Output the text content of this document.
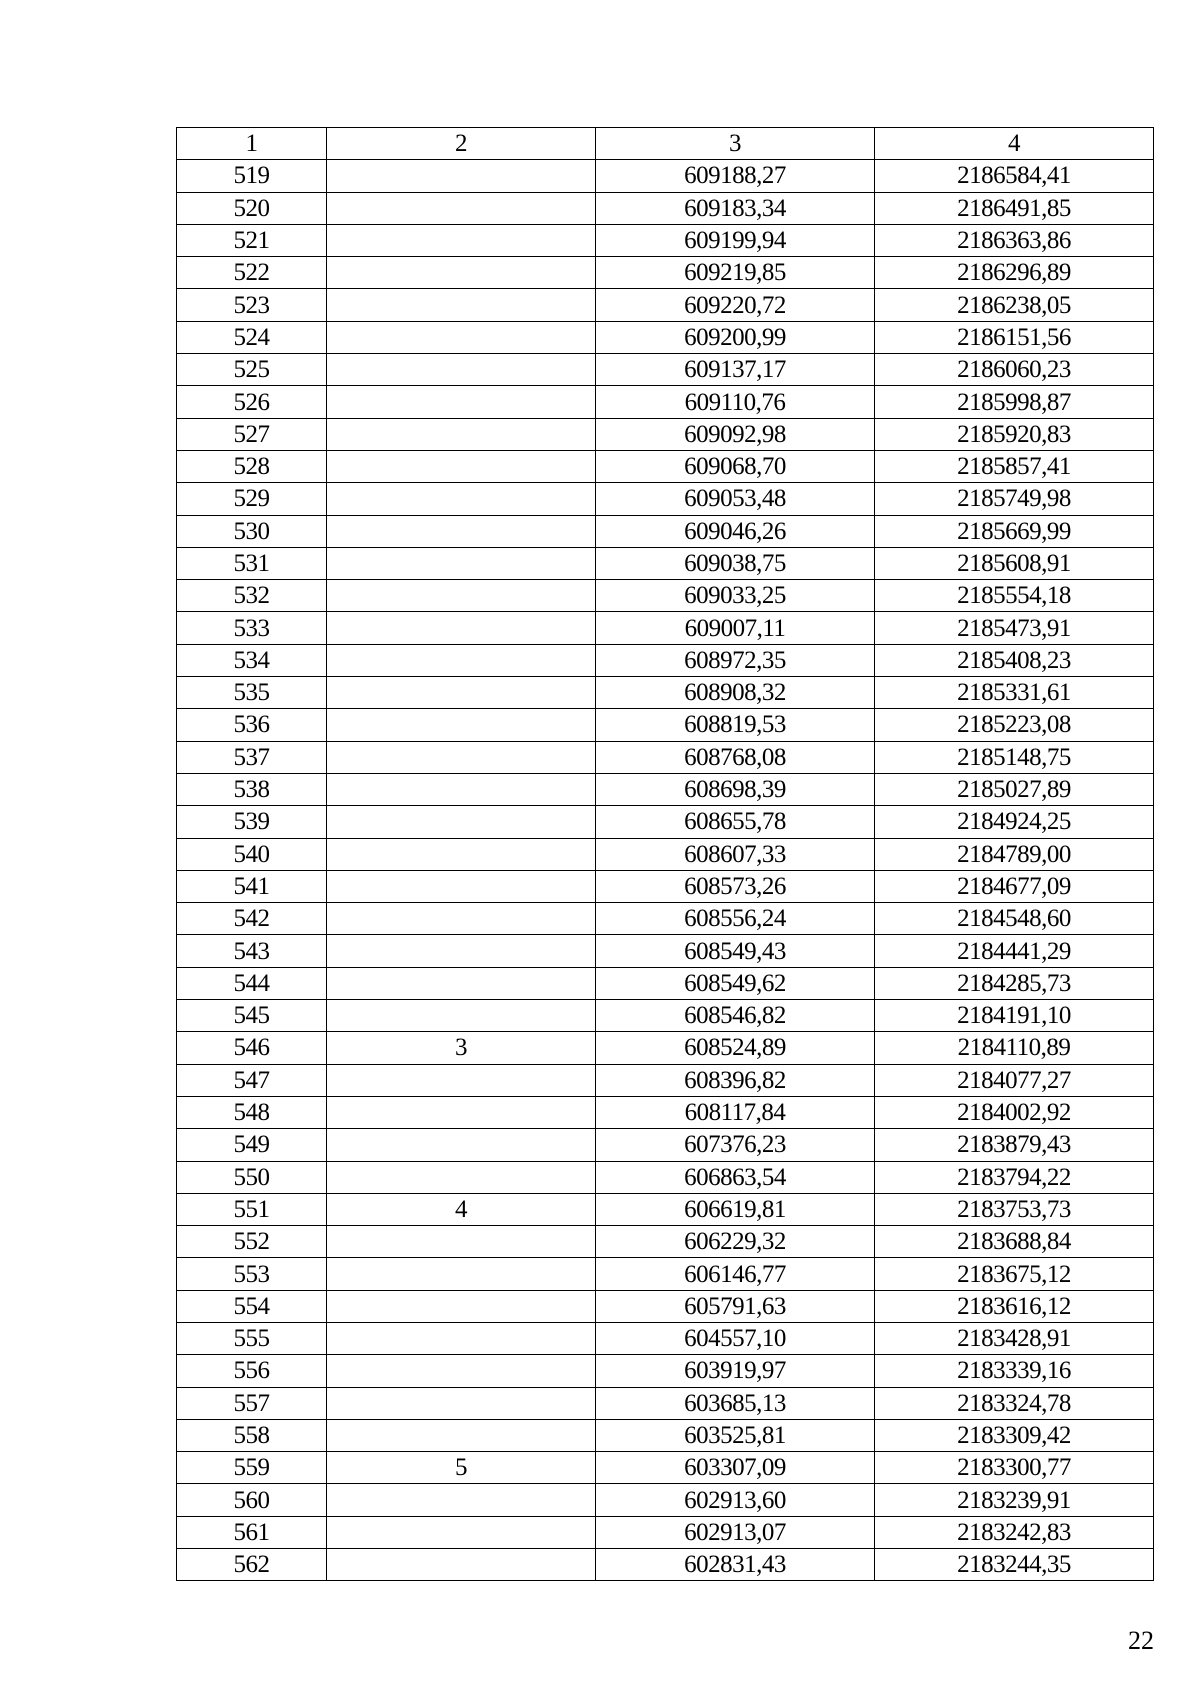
1	2	3	4
519		609188,27	2186584,41
520		609183,34	2186491,85
521		609199,94	2186363,86
522		609219,85	2186296,89
523		609220,72	2186238,05
524		609200,99	2186151,56
525		609137,17	2186060,23
526		609110,76	2185998,87
527		609092,98	2185920,83
528		609068,70	2185857,41
529		609053,48	2185749,98
530		609046,26	2185669,99
531		609038,75	2185608,91
532		609033,25	2185554,18
533		609007,11	2185473,91
534		608972,35	2185408,23
535		608908,32	2185331,61
536		608819,53	2185223,08
537		608768,08	2185148,75
538		608698,39	2185027,89
539		608655,78	2184924,25
540		608607,33	2184789,00
541		608573,26	2184677,09
542		608556,24	2184548,60
543		608549,43	2184441,29
544		608549,62	2184285,73
545		608546,82	2184191,10
546	3	608524,89	2184110,89
547		608396,82	2184077,27
548		608117,84	2184002,92
549		607376,23	2183879,43
550		606863,54	2183794,22
551	4	606619,81	2183753,73
552		606229,32	2183688,84
553		606146,77	2183675,12
554		605791,63	2183616,12
555		604557,10	2183428,91
556		603919,97	2183339,16
557		603685,13	2183324,78
558		603525,81	2183309,42
559	5	603307,09	2183300,77
560		602913,60	2183239,91
561		602913,07	2183242,83
562		602831,43	2183244,35
22
